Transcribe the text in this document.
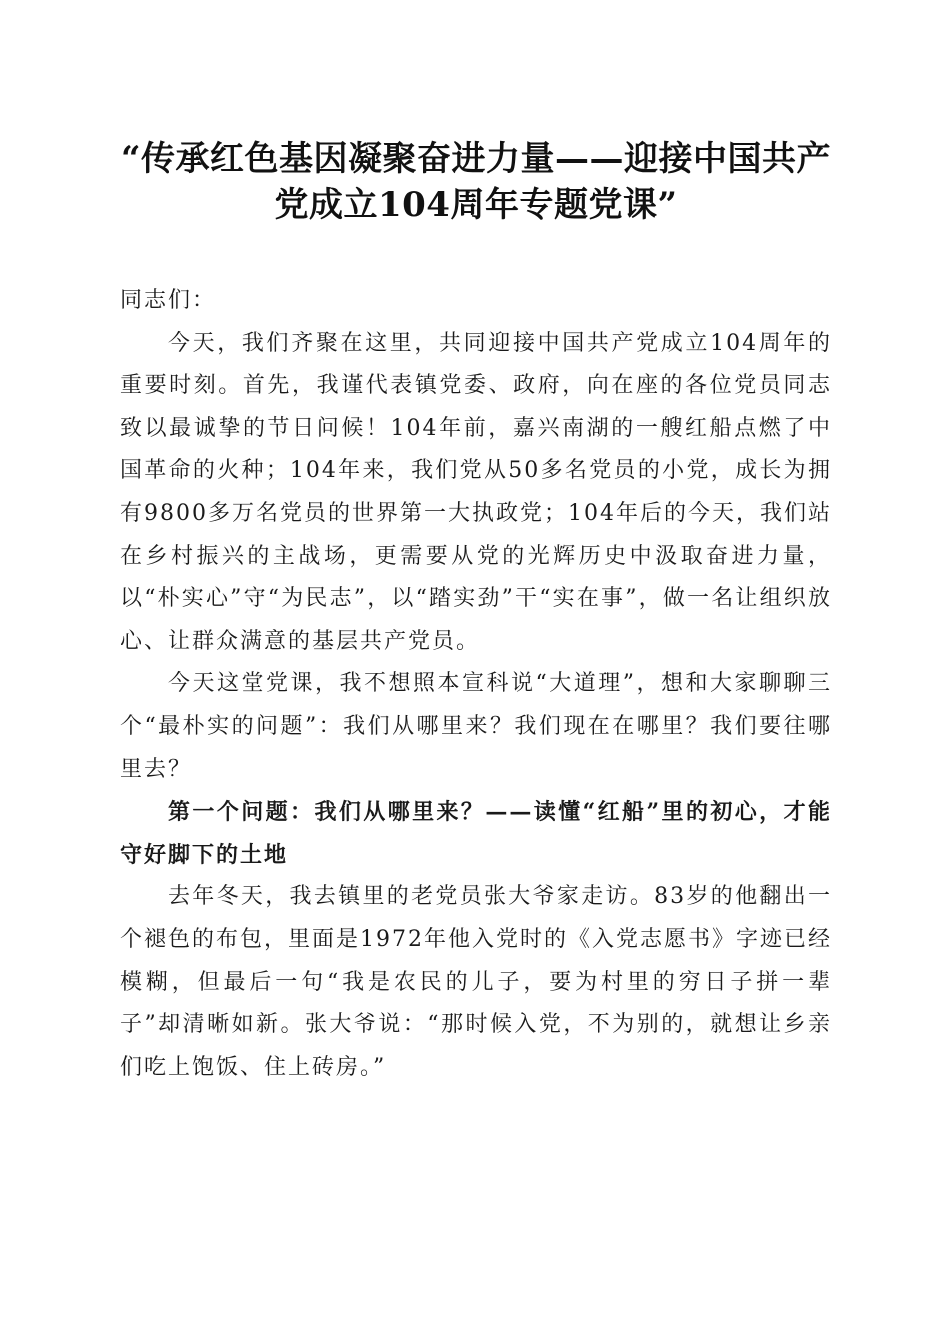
“传承红色基因凝聚奋进力量——迎接中国共产党成立104周年专题党课”

同志们：

今天，我们齐聚在这里，共同迎接中国共产党成立104周年的重要时刻。首先，我谨代表镇党委、政府，向在座的各位党员同志致以最诚挚的节日问候！104年前，嘉兴南湖的一艘红船点燃了中国革命的火种；104年来，我们党从50多名党员的小党，成长为拥有9800多万名党员的世界第一大执政党；104年后的今天，我们站在乡村振兴的主战场，更需要从党的光辉历史中汲取奋进力量，以“朴实心”守“为民志”，以“踏实劲”干“实在事”，做一名让组织放心、让群众满意的基层共产党员。

今天这堂党课，我不想照本宣科说“大道理”，想和大家聊聊三个“最朴实的问题”：我们从哪里来？我们现在在哪里？我们要往哪里去？

第一个问题：我们从哪里来？——读懂“红船”里的初心，才能守好脚下的土地

去年冬天，我去镇里的老党员张大爷家走访。83岁的他翻出一个褪色的布包，里面是1972年他入党时的《入党志愿书》字迹已经模糊，但最后一句“我是农民的儿子，要为村里的穷日子拼一辈子”却清晰如新。张大爷说：“那时候入党，不为别的，就想让乡亲们吃上饱饭、住上砖房。”
